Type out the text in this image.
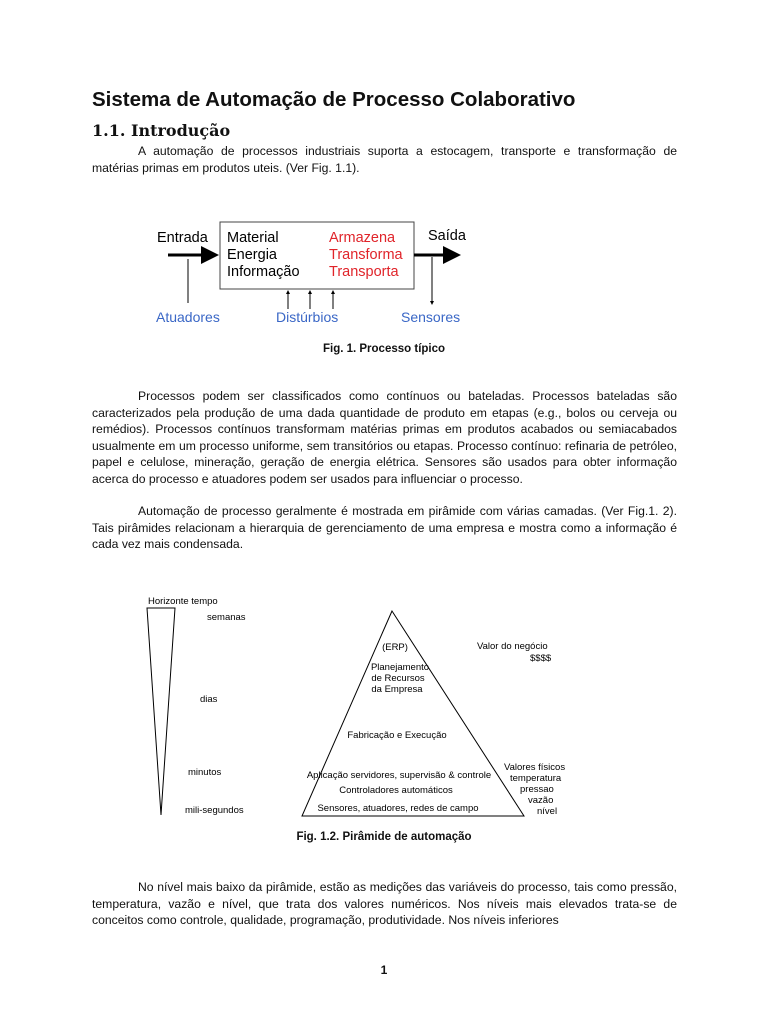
Sistema de Automação de Processo Colaborativo
1.1. Introdução

A automação de processos industriais suporta a estocagem, transporte e transformação de matérias primas em produtos uteis. (Ver Fig. 1.1).

Entrada Material
Energia
Informação
Armazena
Transforma
Transporta
Saída
Atuadores	Distúrbios	Sensores
Fig. 1. Processo típico

Processos podem ser classificados como contínuos ou bateladas. Processos bateladas são caracterizados pela produção de uma dada quantidade de produto em etapas (e.g., bolos ou cerveja ou remédios). Processos contínuos transformam matérias primas em produtos acabados ou semiacabados usualmente em um processo uniforme, sem transitórios ou etapas. Processo contínuo: refinaria de petróleo, papel e celulose, mineração, geração de energia elétrica. Sensores são usados para obter informação acerca do processo e atuadores podem ser usados para influenciar o processo.

Automação de processo geralmente é mostrada em pirâmide com várias camadas. (Ver Fig.1. 2). Tais pirâmides relacionam a hierarquia de gerenciamento de uma empresa e mostra como a informação é cada vez mais condensada.

Horizonte tempo
semanas
dias
minutos
mili-segundos
(ERP)
Planejamento
de Recursos
da Empresa
Fabricação e Execução
Aplicação servidores, supervisão & controle
Controladores automáticos
Sensores, atuadores, redes de campo
Valor do negócio
$$$$
Valores físicos
temperatura
pressao
vazão
nível
Fig. 1.2. Pirâmide de automação

No nível mais baixo da pirâmide, estão as medições das variáveis do processo, tais como pressão, temperatura, vazão e nível, que trata dos valores numéricos. Nos níveis mais elevados trata-se de conceitos como controle, qualidade, programação, produtividade. Nos níveis inferiores

1
